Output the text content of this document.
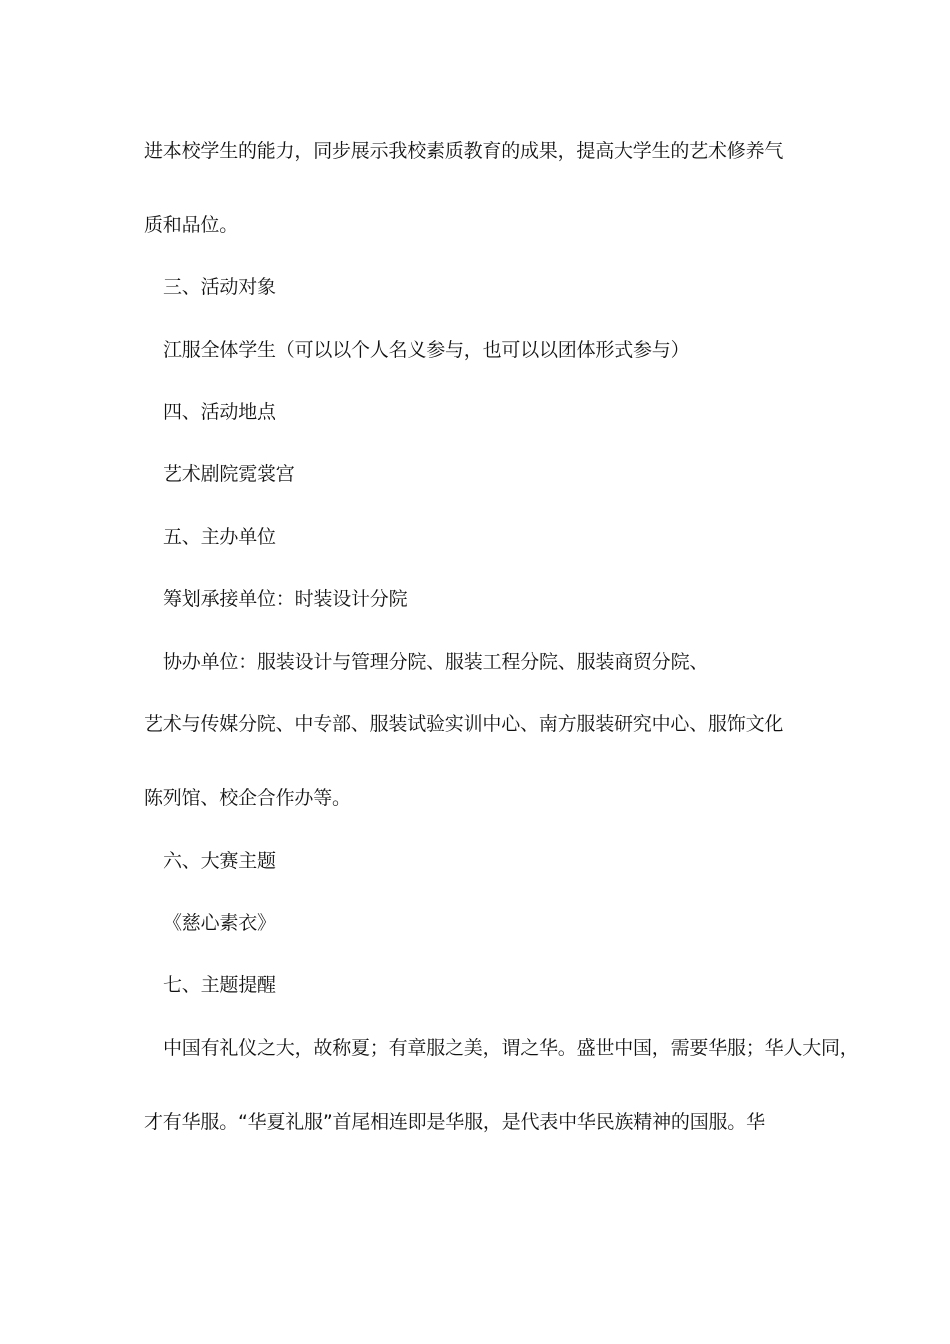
进本校学生的能力，同步展示我校素质教育的成果，提高大学生的艺术修养气
质和品位。
三、活动对象
江服全体学生（可以以个人名义参与，也可以以团体形式参与）
四、活动地点
艺术剧院霓裳宫
五、主办单位
筹划承接单位：时装设计分院
协办单位：服装设计与管理分院、服装工程分院、服装商贸分院、
艺术与传媒分院、中专部、服装试验实训中心、南方服装研究中心、服饰文化
陈列馆、校企合作办等。
六、大赛主题
《慈心素衣》
七、主题提醒
中国有礼仪之大，故称夏；有章服之美，谓之华。盛世中国，需要华服；华人大同，
才有华服。“华夏礼服”首尾相连即是华服，是代表中华民族精神的国服。华
